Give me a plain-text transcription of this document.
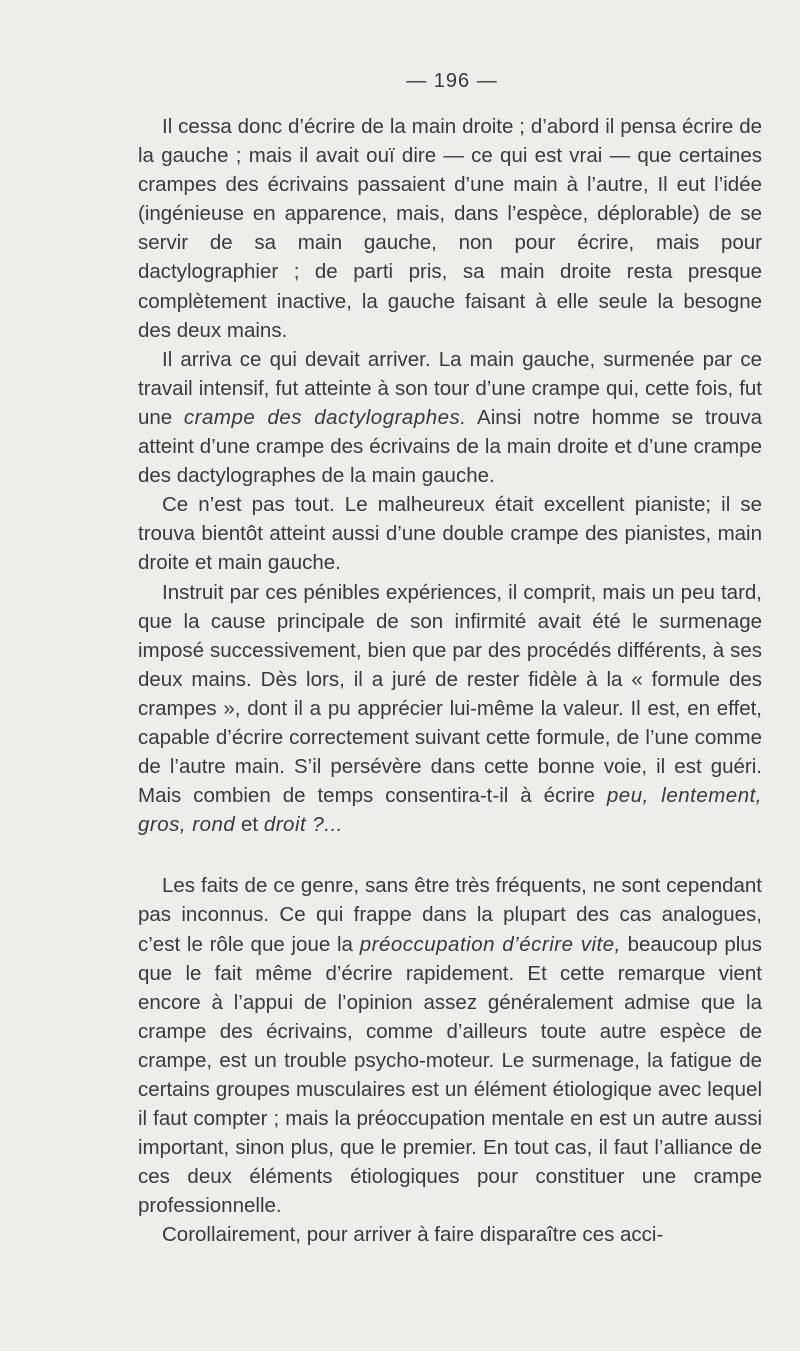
— 196 —

Il cessa donc d’écrire de la main droite ; d’abord il pensa écrire de la gauche ; mais il avait ouï dire — ce qui est vrai — que certaines crampes des écrivains passaient d’une main à l’autre, Il eut l’idée (ingénieuse en apparence, mais, dans l’espèce, déplorable) de se servir de sa main gauche, non pour écrire, mais pour dactylographier ; de parti pris, sa main droite resta presque complètement inactive, la gauche faisant à elle seule la besogne des deux mains.

Il arriva ce qui devait arriver. La main gauche, surmenée par ce travail intensif, fut atteinte à son tour d’une crampe qui, cette fois, fut une crampe des dactylographes. Ainsi notre homme se trouva atteint d’une crampe des écrivains de la main droite et d’une crampe des dactylographes de la main gauche.

Ce n’est pas tout. Le malheureux était excellent pianiste; il se trouva bientôt atteint aussi d’une double crampe des pianistes, main droite et main gauche.

Instruit par ces pénibles expériences, il comprit, mais un peu tard, que la cause principale de son infirmité avait été le surmenage imposé successivement, bien que par des procédés différents, à ses deux mains. Dès lors, il a juré de rester fidèle à la « formule des crampes », dont il a pu apprécier lui-même la valeur. Il est, en effet, capable d’écrire correctement suivant cette formule, de l’une comme de l’autre main. S’il persévère dans cette bonne voie, il est guéri. Mais combien de temps consentira-t-il à écrire peu, lentement, gros, rond et droit ?...

Les faits de ce genre, sans être très fréquents, ne sont cependant pas inconnus. Ce qui frappe dans la plupart des cas analogues, c’est le rôle que joue la préoccupation d’écrire vite, beaucoup plus que le fait même d’écrire rapidement. Et cette remarque vient encore à l’appui de l’opinion assez généralement admise que la crampe des écrivains, comme d’ailleurs toute autre espèce de crampe, est un trouble psycho-moteur. Le surmenage, la fatigue de certains groupes musculaires est un élément étiologique avec lequel il faut compter ; mais la préoccupation mentale en est un autre aussi important, sinon plus, que le premier. En tout cas, il faut l’alliance de ces deux éléments étiologiques pour constituer une crampe professionnelle.

Corollairement, pour arriver à faire disparaître ces acci-
